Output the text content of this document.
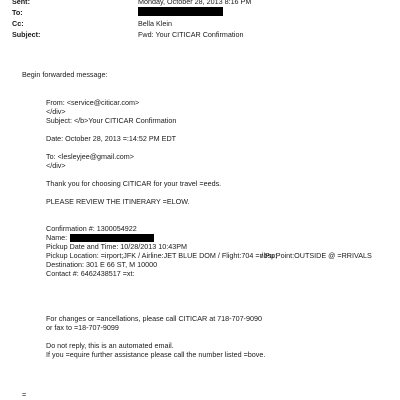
Sent:	Monday, October 28, 2013 8:16 PM
To:
Cc:	Bella Klein
Subject:	Fwd: Your CITICAR Confirmation
Begin forwarded message:
From: <service@citicar.com>
</div>
Subject: </b>Your CITICAR Confirmation
Date: October 28, 2013 =:14:52 PM EDT
To: <lesleyjee@gmail.com>
</div>
Thank you for choosing CITICAR for your travel =eeds.
PLEASE REVIEW THE ITINERARY =ELOW.
Confirmation #: 1300054922
Name:
Pickup Date and Time: 10/28/2013 10:43PM
Pickup Location: =irport;JFK / Airline:JET BLUE DOM / Flight:704 =nbsp;
/ Pu Point:OUTSIDE @ =RRIVALS
Destination: 301 E 66 ST, M 10000
Contact #: 6462438517 =xt:
For changes or =ancellations, please call CITICAR at 718-707-9090
or fax to =18-707-9099
Do not reply, this is an automated email.
If you =equire further assistance please call the number listed =bove.
=
